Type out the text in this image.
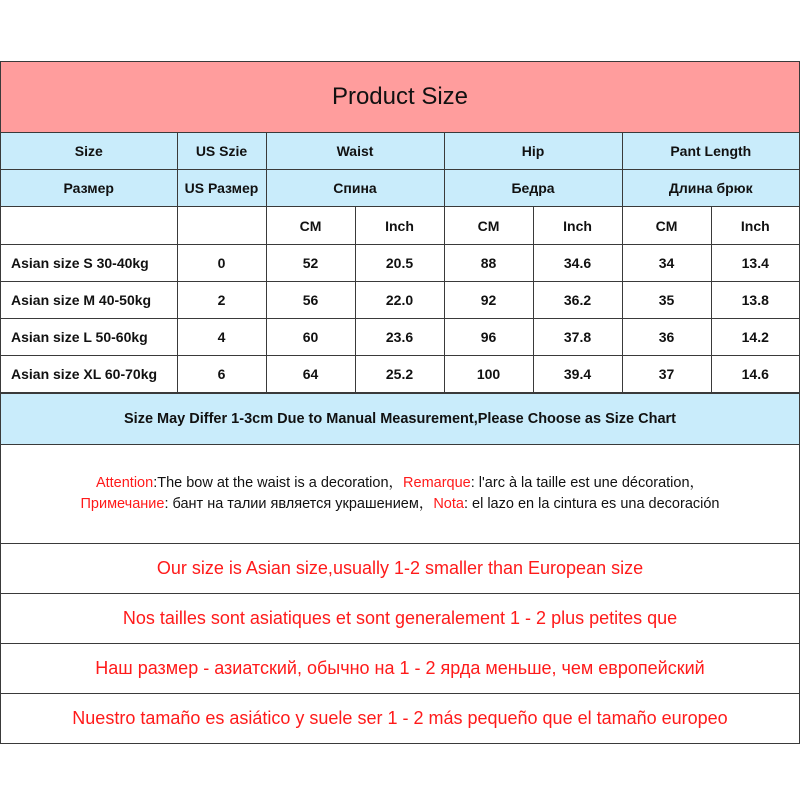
Product Size
Size	US Szie	Waist		Hip		Pant Length	
Размер	US Размер	Спина		Бедра		Длина брюк	
		CM	Inch	CM	Inch	CM	Inch
Asian size S 30-40kg	0	52	20.5	88	34.6	34	13.4
Asian size M 40-50kg	2	56	22.0	92	36.2	35	13.8
Asian size L 50-60kg	4	60	23.6	96	37.8	36	14.2
Asian size XL 60-70kg	6	64	25.2	100	39.4	37	14.6
Size May Differ 1-3cm Due to Manual Measurement,Please Choose as Size Chart
Attention:The bow at the waist is a decoration，Remarque: l'arc à la taille est une décoration，
Примечание: бант на талии является украшением，Nota: el lazo en la cintura es una decoración
Our size is Asian size,usually 1-2 smaller than European size
Nos tailles sont asiatiques et sont generalement 1 - 2 plus petites que
Наш размер - азиатский, обычно на 1 - 2 ярда меньше, чем европейский
Nuestro tamaño es asiático y suele ser 1 - 2 más pequeño que el tamaño europeo
